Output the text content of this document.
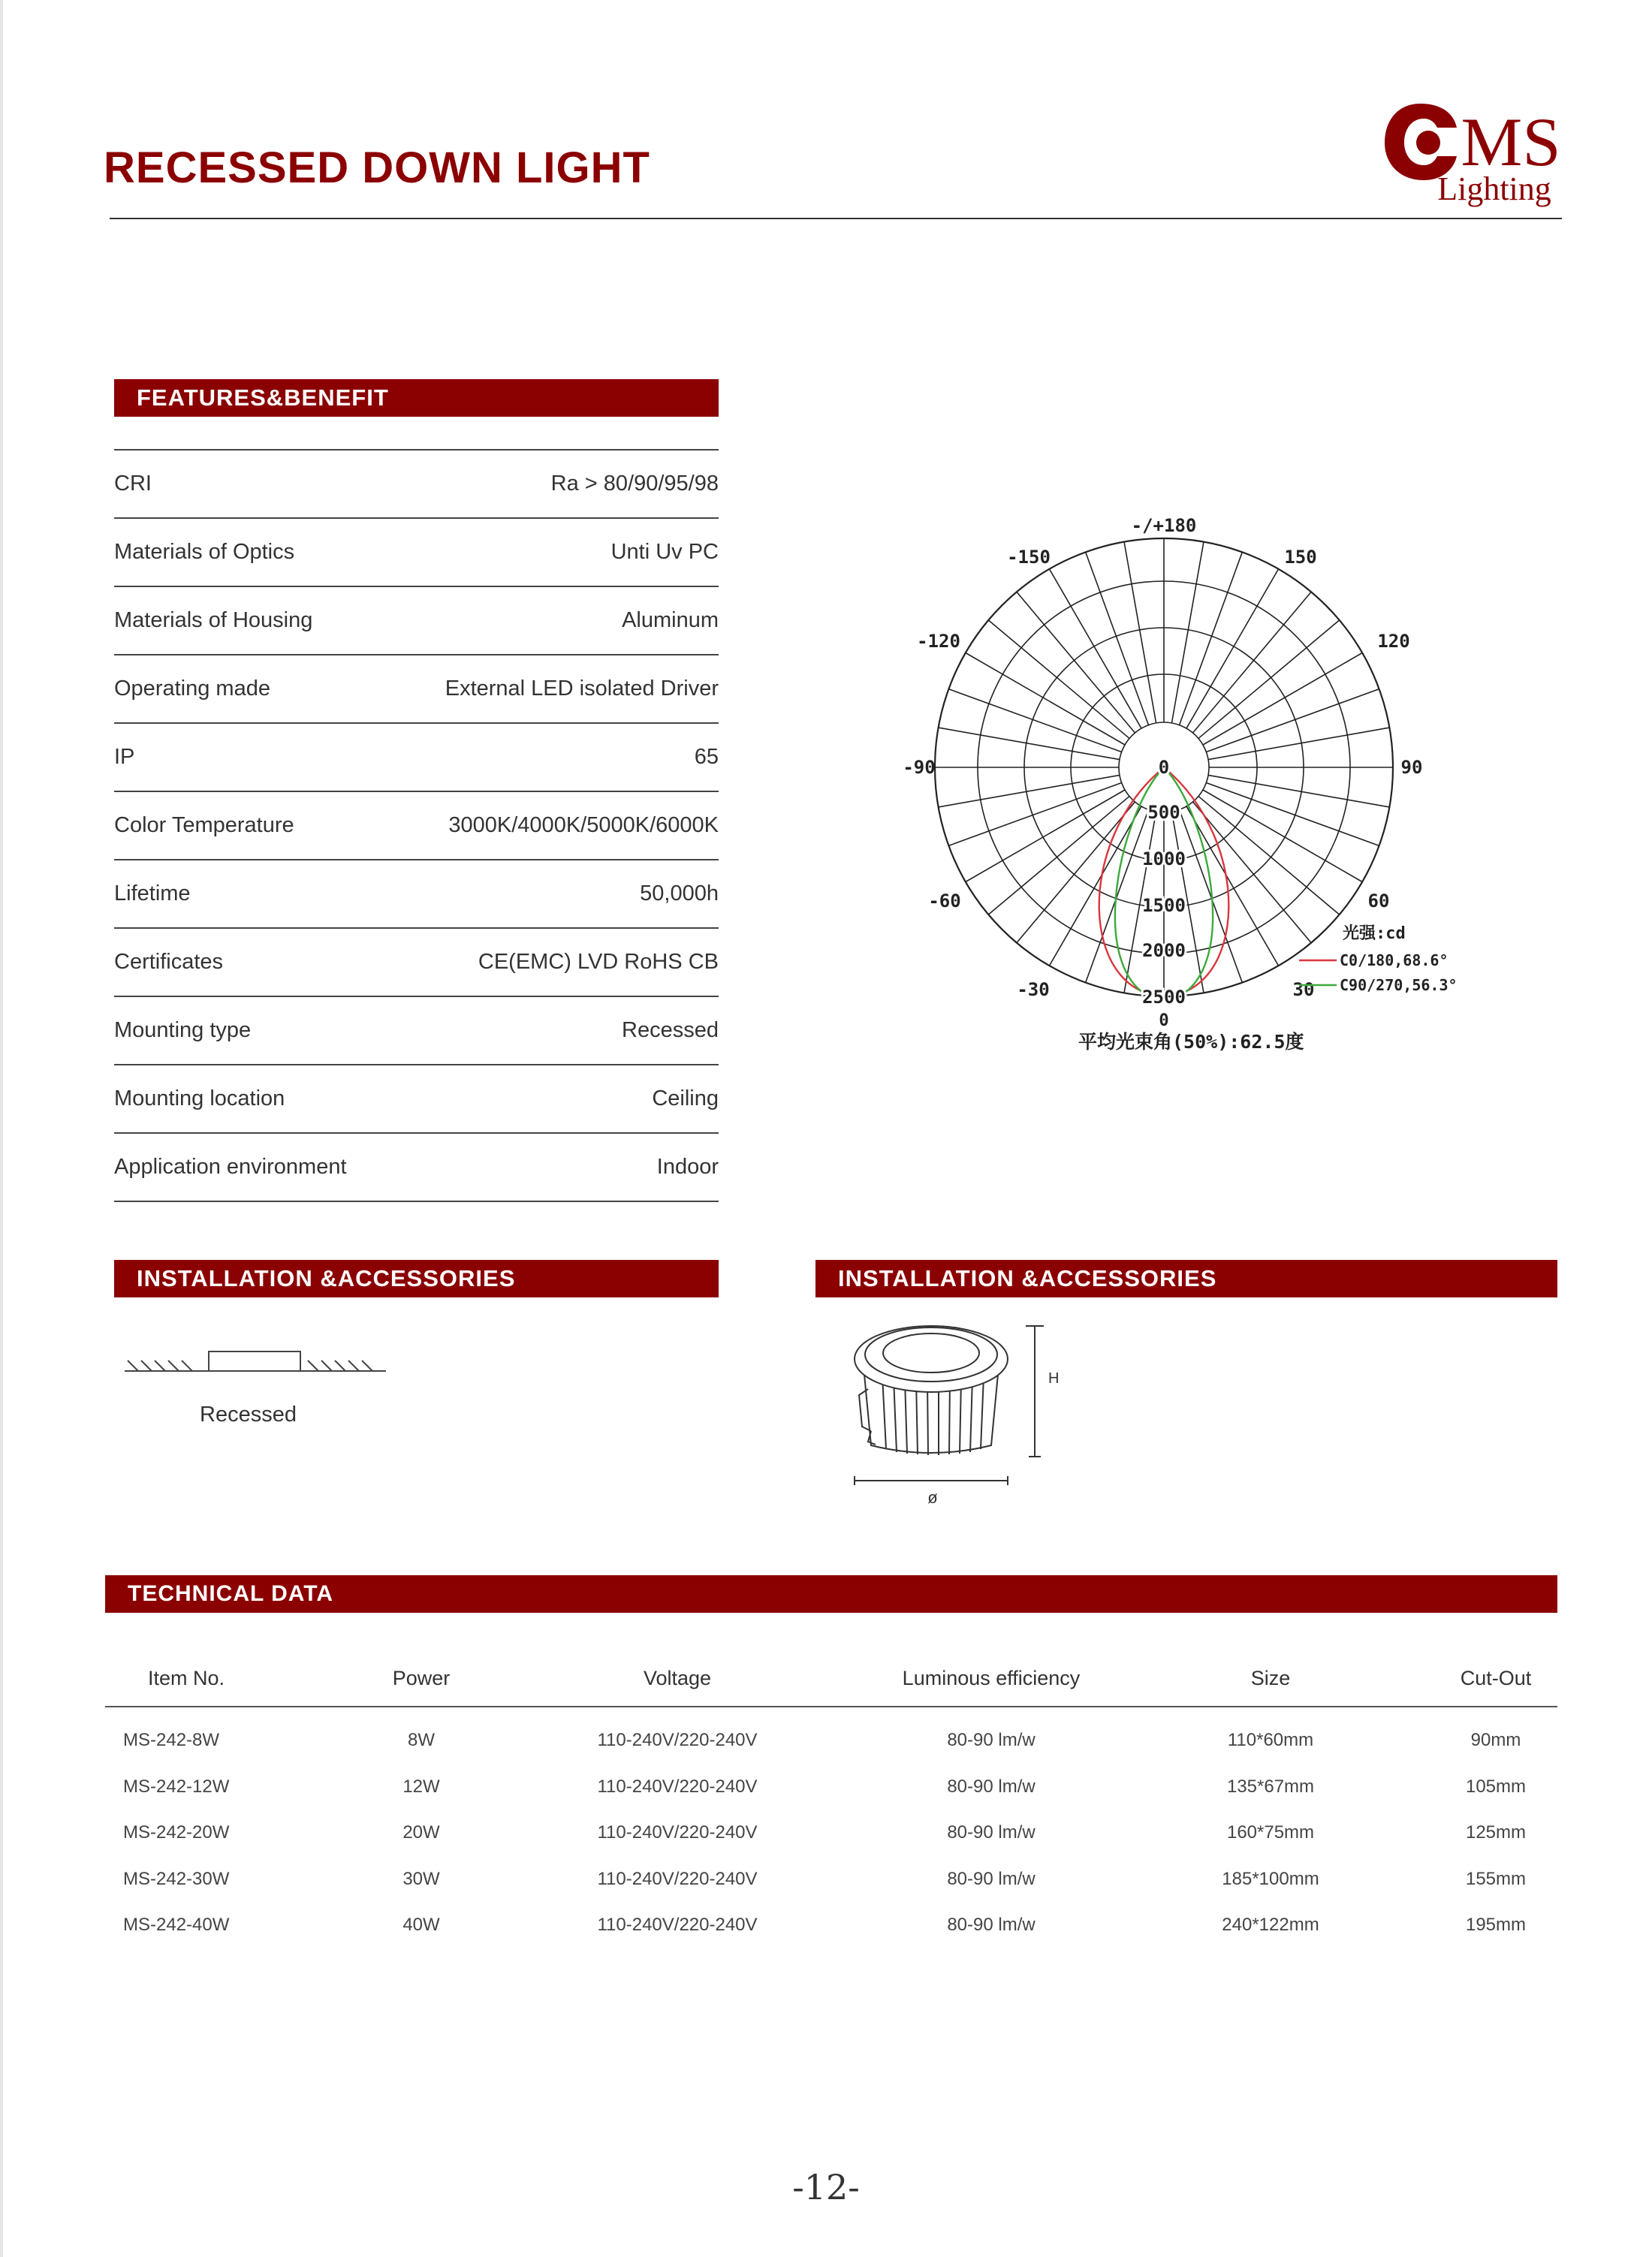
RECESSED DOWN LIGHT	MS
Lighting
FEATURES&BENEFIT
CRI	Ra > 80/90/95/98
Materials of Optics	Unti Uv PC
Materials of Housing	Aluminum
Operating made	External LED isolated Driver
IP	65
Color Temperature	3000K/4000K/5000K/6000K
Lifetime	50,000h
Certificates	CE(EMC) LVD RoHS CB
Mounting type	Recessed
Mounting location	Ceiling
Application environment	Indoor
-/+180
-150	150
-120	120
-90	90
-60	60
-30	30
0
0
500
1000
1500
2000
2500
光强:cd
C0/180,68.6°
C90/270,56.3°
平均光束角(50%):62.5度
INSTALLATION &ACCESSORIES	INSTALLATION &ACCESSORIES
Recessed
H
ø
TECHNICAL DATA
Item No.	Power	Voltage	Luminous efficiency	Size	Cut-Out
MS-242-8W	8W	110-240V/220-240V	80-90 lm/w	110*60mm	90mm
MS-242-12W	12W	110-240V/220-240V	80-90 lm/w	135*67mm	105mm
MS-242-20W	20W	110-240V/220-240V	80-90 lm/w	160*75mm	125mm
MS-242-30W	30W	110-240V/220-240V	80-90 lm/w	185*100mm	155mm
MS-242-40W	40W	110-240V/220-240V	80-90 lm/w	240*122mm	195mm
-12-
